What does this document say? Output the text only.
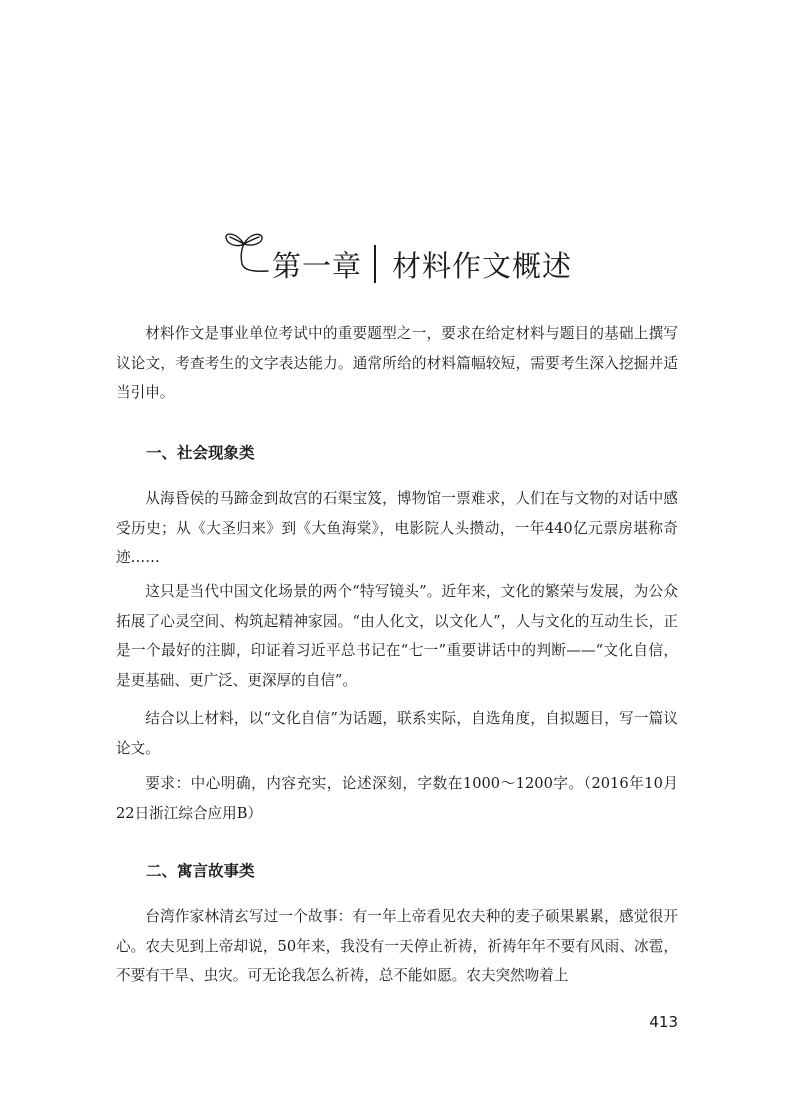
第一章 材料作文概述

材料作文是事业单位考试中的重要题型之一，要求在给定材料与题目的基础上撰写议论文，考查考生的文字表达能力。通常所给的材料篇幅较短，需要考生深入挖掘并适当引申。

一、社会现象类

从海昏侯的马蹄金到故宫的石渠宝笈，博物馆一票难求，人们在与文物的对话中感受历史；从《大圣归来》到《大鱼海棠》，电影院人头攒动，一年440亿元票房堪称奇迹……

这只是当代中国文化场景的两个“特写镜头”。近年来，文化的繁荣与发展，为公众拓展了心灵空间、构筑起精神家园。“由人化文，以文化人”，人与文化的互动生长，正是一个最好的注脚，印证着习近平总书记在“七一”重要讲话中的判断——“文化自信，是更基础、更广泛、更深厚的自信”。

结合以上材料，以“文化自信”为话题，联系实际，自选角度，自拟题目，写一篇议论文。

要求：中心明确，内容充实，论述深刻，字数在1000～1200字。（2016年10月22日浙江综合应用B）

二、寓言故事类

台湾作家林清玄写过一个故事：有一年上帝看见农夫种的麦子硕果累累，感觉很开心。农夫见到上帝却说，50年来，我没有一天停止祈祷，祈祷年年不要有风雨、冰雹，不要有干旱、虫灾。可无论我怎么祈祷，总不能如愿。农夫突然吻着上

413
